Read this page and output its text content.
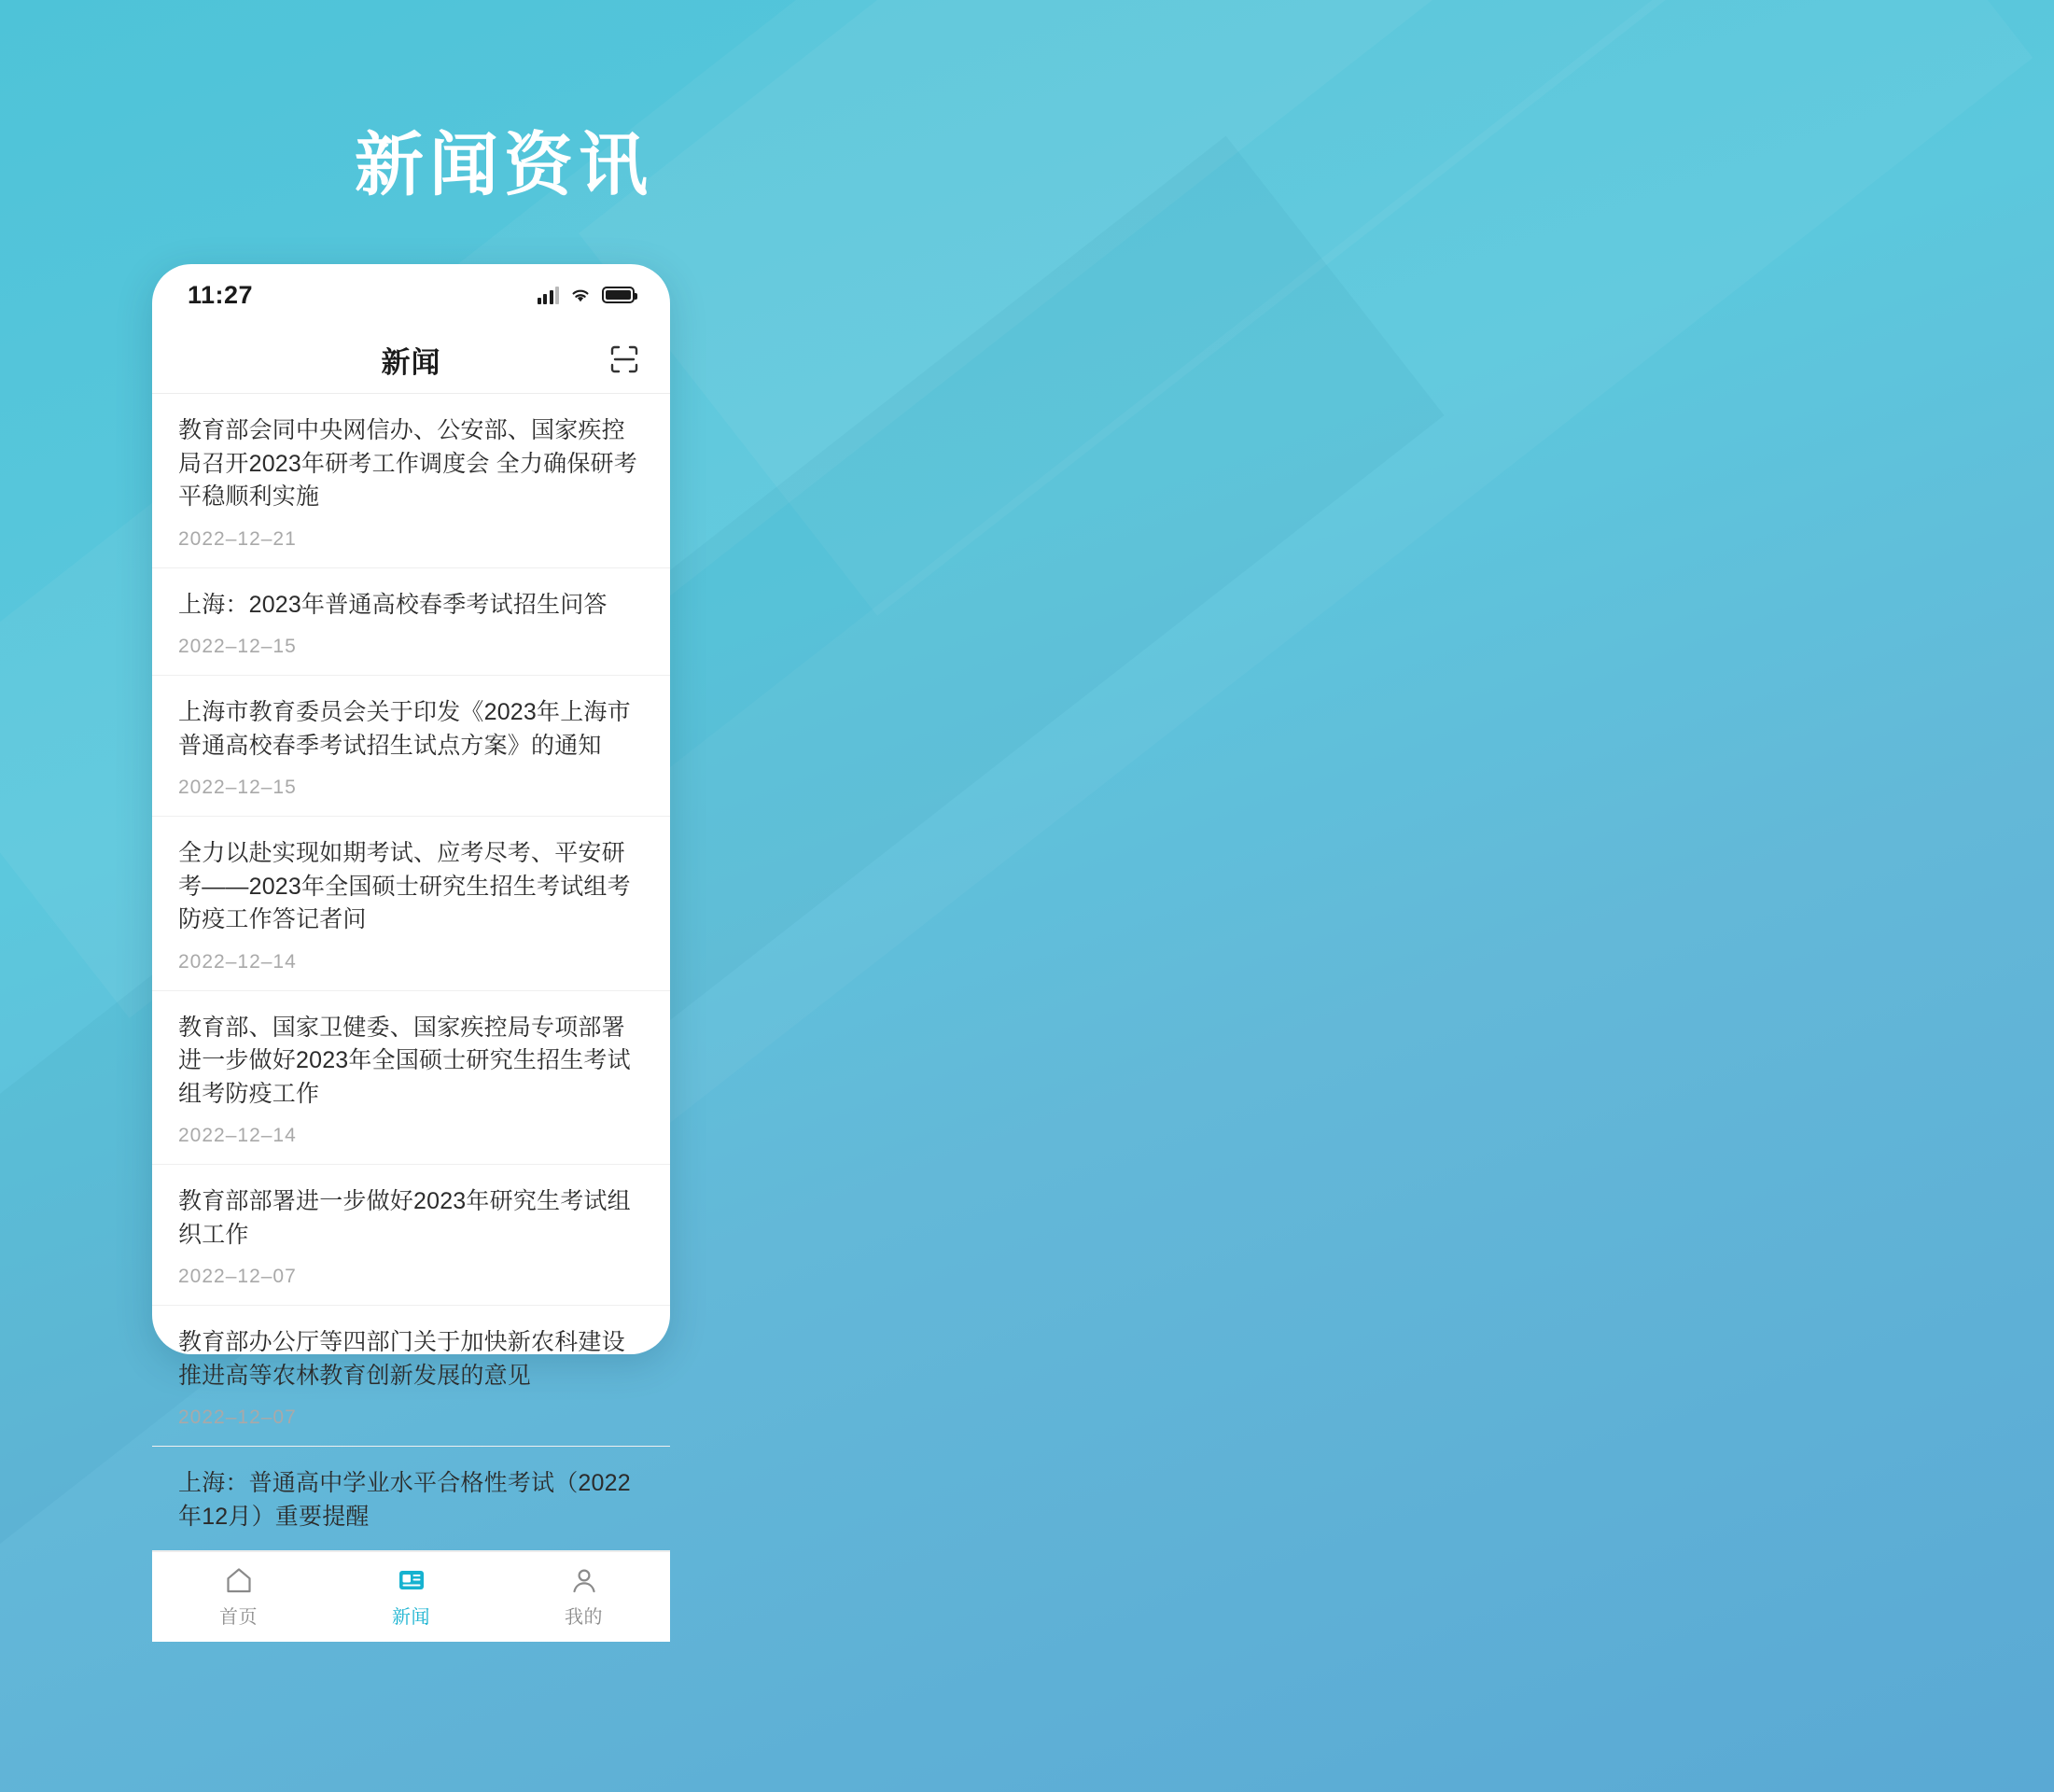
新闻资讯
11:27
新闻
教育部会同中央网信办、公安部、国家疾控局召开2023年研考工作调度会 全力确保研考平稳顺利实施
2022–12–21
上海：2023年普通高校春季考试招生问答
2022–12–15
上海市教育委员会关于印发《2023年上海市普通高校春季考试招生试点方案》的通知
2022–12–15
全力以赴实现如期考试、应考尽考、平安研考——2023年全国硕士研究生招生考试组考防疫工作答记者问
2022–12–14
教育部、国家卫健委、国家疾控局专项部署进一步做好2023年全国硕士研究生招生考试组考防疫工作
2022–12–14
教育部部署进一步做好2023年研究生考试组织工作
2022–12–07
教育部办公厅等四部门关于加快新农科建设推进高等农林教育创新发展的意见
2022–12–07
上海：普通高中学业水平合格性考试（2022年12月）重要提醒
首页	新闻	我的
